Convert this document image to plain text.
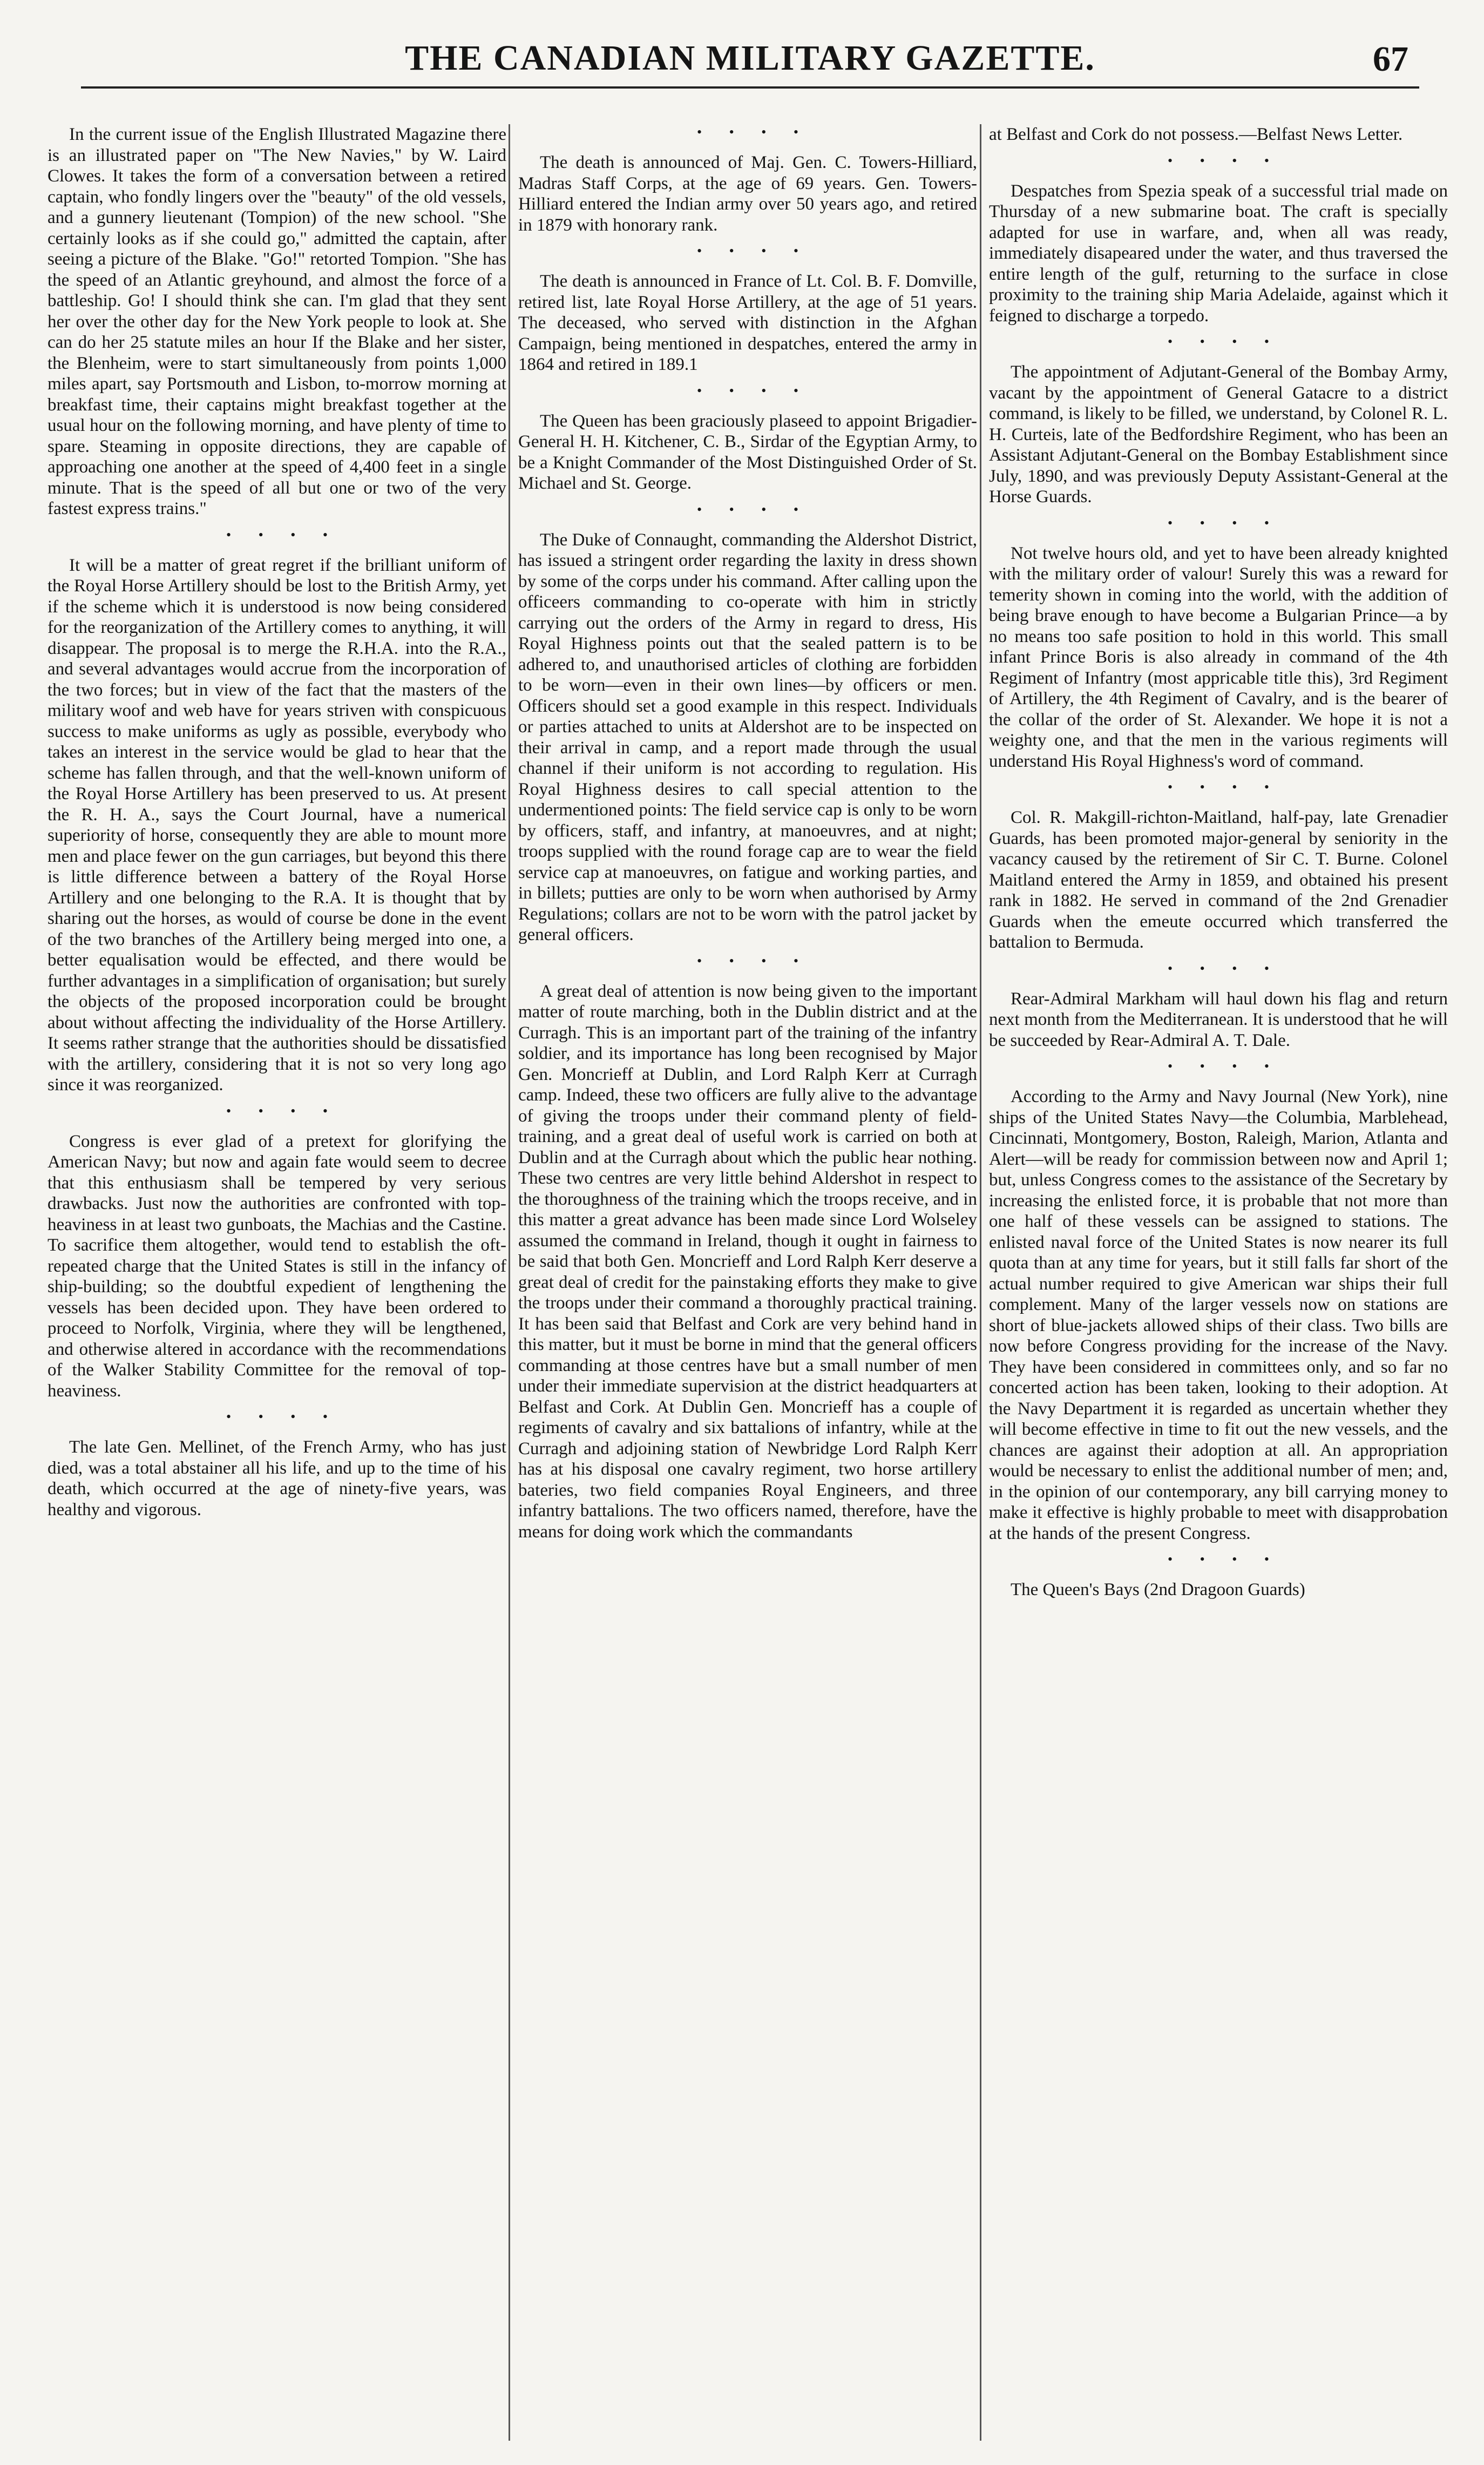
THE CANADIAN MILITARY GAZETTE.	67

In the current issue of the English Illustrated Magazine there is an illustrated paper on "The New Navies," by W. Laird Clowes. It takes the form of a conversation between a retired captain, who fondly lingers over the "beauty" of the old vessels, and a gunnery lieutenant (Tompion) of the new school. "She certainly looks as if she could go," admitted the captain, after seeing a picture of the Blake. "Go!" retorted Tompion. "She has the speed of an Atlantic greyhound, and almost the force of a battleship. Go! I should think she can. I'm glad that they sent her over the other day for the New York people to look at. She can do her 25 statute miles an hour If the Blake and her sister, the Blenheim, were to start simultaneously from points 1,000 miles apart, say Portsmouth and Lisbon, to-morrow morning at breakfast time, their captains might breakfast together at the usual hour on the following morning, and have plenty of time to spare. Steaming in opposite directions, they are capable of approaching one another at the speed of 4,400 feet in a single minute. That is the speed of all but one or two of the very fastest express trains."

• • • •

It will be a matter of great regret if the brilliant uniform of the Royal Horse Artillery should be lost to the British Army, yet if the scheme which it is understood is now being considered for the reorganization of the Artillery comes to anything, it will disappear. The proposal is to merge the R.H.A. into the R.A., and several advantages would accrue from the incorporation of the two forces; but in view of the fact that the masters of the military woof and web have for years striven with conspicuous success to make uniforms as ugly as possible, everybody who takes an interest in the service would be glad to hear that the scheme has fallen through, and that the well-known uniform of the Royal Horse Artillery has been preserved to us. At present the R. H. A., says the Court Journal, have a numerical superiority of horse, consequently they are able to mount more men and place fewer on the gun carriages, but beyond this there is little difference between a battery of the Royal Horse Artillery and one belonging to the R.A. It is thought that by sharing out the horses, as would of course be done in the event of the two branches of the Artillery being merged into one, a better equalisation would be effected, and there would be further advantages in a simplification of organisation; but surely the objects of the proposed incorporation could be brought about without affecting the individuality of the Horse Artillery. It seems rather strange that the authorities should be dissatisfied with the artillery, considering that it is not so very long ago since it was reorganized.

• • • •

Congress is ever glad of a pretext for glorifying the American Navy; but now and again fate would seem to decree that this enthusiasm shall be tempered by very serious drawbacks. Just now the authorities are confronted with top-heaviness in at least two gunboats, the Machias and the Castine. To sacrifice them altogether, would tend to establish the oft-repeated charge that the United States is still in the infancy of ship-building; so the doubtful expedient of lengthening the vessels has been decided upon. They have been ordered to proceed to Norfolk, Virginia, where they will be lengthened, and otherwise altered in accordance with the recommendations of the Walker Stability Committee for the removal of top-heaviness.

• • • •

The late Gen. Mellinet, of the French Army, who has just died, was a total abstainer all his life, and up to the time of his death, which occurred at the age of ninety-five years, was healthy and vigorous.

• • • •

The death is announced of Maj. Gen. C. Towers-Hilliard, Madras Staff Corps, at the age of 69 years. Gen. Towers-Hilliard entered the Indian army over 50 years ago, and retired in 1879 with honorary rank.

• • • •

The death is announced in France of Lt. Col. B. F. Domville, retired list, late Royal Horse Artillery, at the age of 51 years. The deceased, who served with distinction in the Afghan Campaign, being mentioned in despatches, entered the army in 1864 and retired in 189.1

• • • •

The Queen has been graciously plaseed to appoint Brigadier-General H. H. Kitchener, C. B., Sirdar of the Egyptian Army, to be a Knight Commander of the Most Distinguished Order of St. Michael and St. George.

• • • •

The Duke of Connaught, commanding the Aldershot District, has issued a stringent order regarding the laxity in dress shown by some of the corps under his command. After calling upon the officeers commanding to co-operate with him in strictly carrying out the orders of the Army in regard to dress, His Royal Highness points out that the sealed pattern is to be adhered to, and unauthorised articles of clothing are forbidden to be worn—even in their own lines—by officers or men. Officers should set a good example in this respect. Individuals or parties attached to units at Aldershot are to be inspected on their arrival in camp, and a report made through the usual channel if their uniform is not according to regulation. His Royal Highness desires to call special attention to the undermentioned points: The field service cap is only to be worn by officers, staff, and infantry, at manoeuvres, and at night; troops supplied with the round forage cap are to wear the field service cap at manoeuvres, on fatigue and working parties, and in billets; putties are only to be worn when authorised by Army Regulations; collars are not to be worn with the patrol jacket by general officers.

• • • •

A great deal of attention is now being given to the important matter of route marching, both in the Dublin district and at the Curragh. This is an important part of the training of the infantry soldier, and its importance has long been recognised by Major Gen. Moncrieff at Dublin, and Lord Ralph Kerr at Curragh camp. Indeed, these two officers are fully alive to the advantage of giving the troops under their command plenty of field-training, and a great deal of useful work is carried on both at Dublin and at the Curragh about which the public hear nothing. These two centres are very little behind Aldershot in respect to the thoroughness of the training which the troops receive, and in this matter a great advance has been made since Lord Wolseley assumed the command in Ireland, though it ought in fairness to be said that both Gen. Moncrieff and Lord Ralph Kerr deserve a great deal of credit for the painstaking efforts they make to give the troops under their command a thoroughly practical training. It has been said that Belfast and Cork are very behind hand in this matter, but it must be borne in mind that the general officers commanding at those centres have but a small number of men under their immediate supervision at the district headquarters at Belfast and Cork. At Dublin Gen. Moncrieff has a couple of regiments of cavalry and six battalions of infantry, while at the Curragh and adjoining station of Newbridge Lord Ralph Kerr has at his disposal one cavalry regiment, two horse artillery bateries, two field companies Royal Engineers, and three infantry battalions. The two officers named, therefore, have the means for doing work which the commandants

at Belfast and Cork do not possess.—Belfast News Letter.

• • • •

Despatches from Spezia speak of a successful trial made on Thursday of a new submarine boat. The craft is specially adapted for use in warfare, and, when all was ready, immediately disapeared under the water, and thus traversed the entire length of the gulf, returning to the surface in close proximity to the training ship Maria Adelaide, against which it feigned to discharge a torpedo.

• • • •

The appointment of Adjutant-General of the Bombay Army, vacant by the appointment of General Gatacre to a district command, is likely to be filled, we understand, by Colonel R. L. H. Curteis, late of the Bedfordshire Regiment, who has been an Assistant Adjutant-General on the Bombay Establishment since July, 1890, and was previously Deputy Assistant-General at the Horse Guards.

• • • •

Not twelve hours old, and yet to have been already knighted with the military order of valour! Surely this was a reward for temerity shown in coming into the world, with the addition of being brave enough to have become a Bulgarian Prince—a by no means too safe position to hold in this world. This small infant Prince Boris is also already in command of the 4th Regiment of Infantry (most appricable title this), 3rd Regiment of Artillery, the 4th Regiment of Cavalry, and is the bearer of the collar of the order of St. Alexander. We hope it is not a weighty one, and that the men in the various regiments will understand His Royal Highness's word of command.

• • • •

Col. R. Makgill-richton-Maitland, half-pay, late Grenadier Guards, has been promoted major-general by seniority in the vacancy caused by the retirement of Sir C. T. Burne. Colonel Maitland entered the Army in 1859, and obtained his present rank in 1882. He served in command of the 2nd Grenadier Guards when the emeute occurred which transferred the battalion to Bermuda.

• • • •

Rear-Admiral Markham will haul down his flag and return next month from the Mediterranean. It is understood that he will be succeeded by Rear-Admiral A. T. Dale.

• • • •

According to the Army and Navy Journal (New York), nine ships of the United States Navy—the Columbia, Marblehead, Cincinnati, Montgomery, Boston, Raleigh, Marion, Atlanta and Alert—will be ready for commission between now and April 1; but, unless Congress comes to the assistance of the Secretary by increasing the enlisted force, it is probable that not more than one half of these vessels can be assigned to stations. The enlisted naval force of the United States is now nearer its full quota than at any time for years, but it still falls far short of the actual number required to give American war ships their full complement. Many of the larger vessels now on stations are short of blue-jackets allowed ships of their class. Two bills are now before Congress providing for the increase of the Navy. They have been considered in committees only, and so far no concerted action has been taken, looking to their adoption. At the Navy Department it is regarded as uncertain whether they will become effective in time to fit out the new vessels, and the chances are against their adoption at all. An appropriation would be necessary to enlist the additional number of men; and, in the opinion of our contemporary, any bill carrying money to make it effective is highly probable to meet with disapprobation at the hands of the present Congress.

• • • •

The Queen's Bays (2nd Dragoon Guards)
